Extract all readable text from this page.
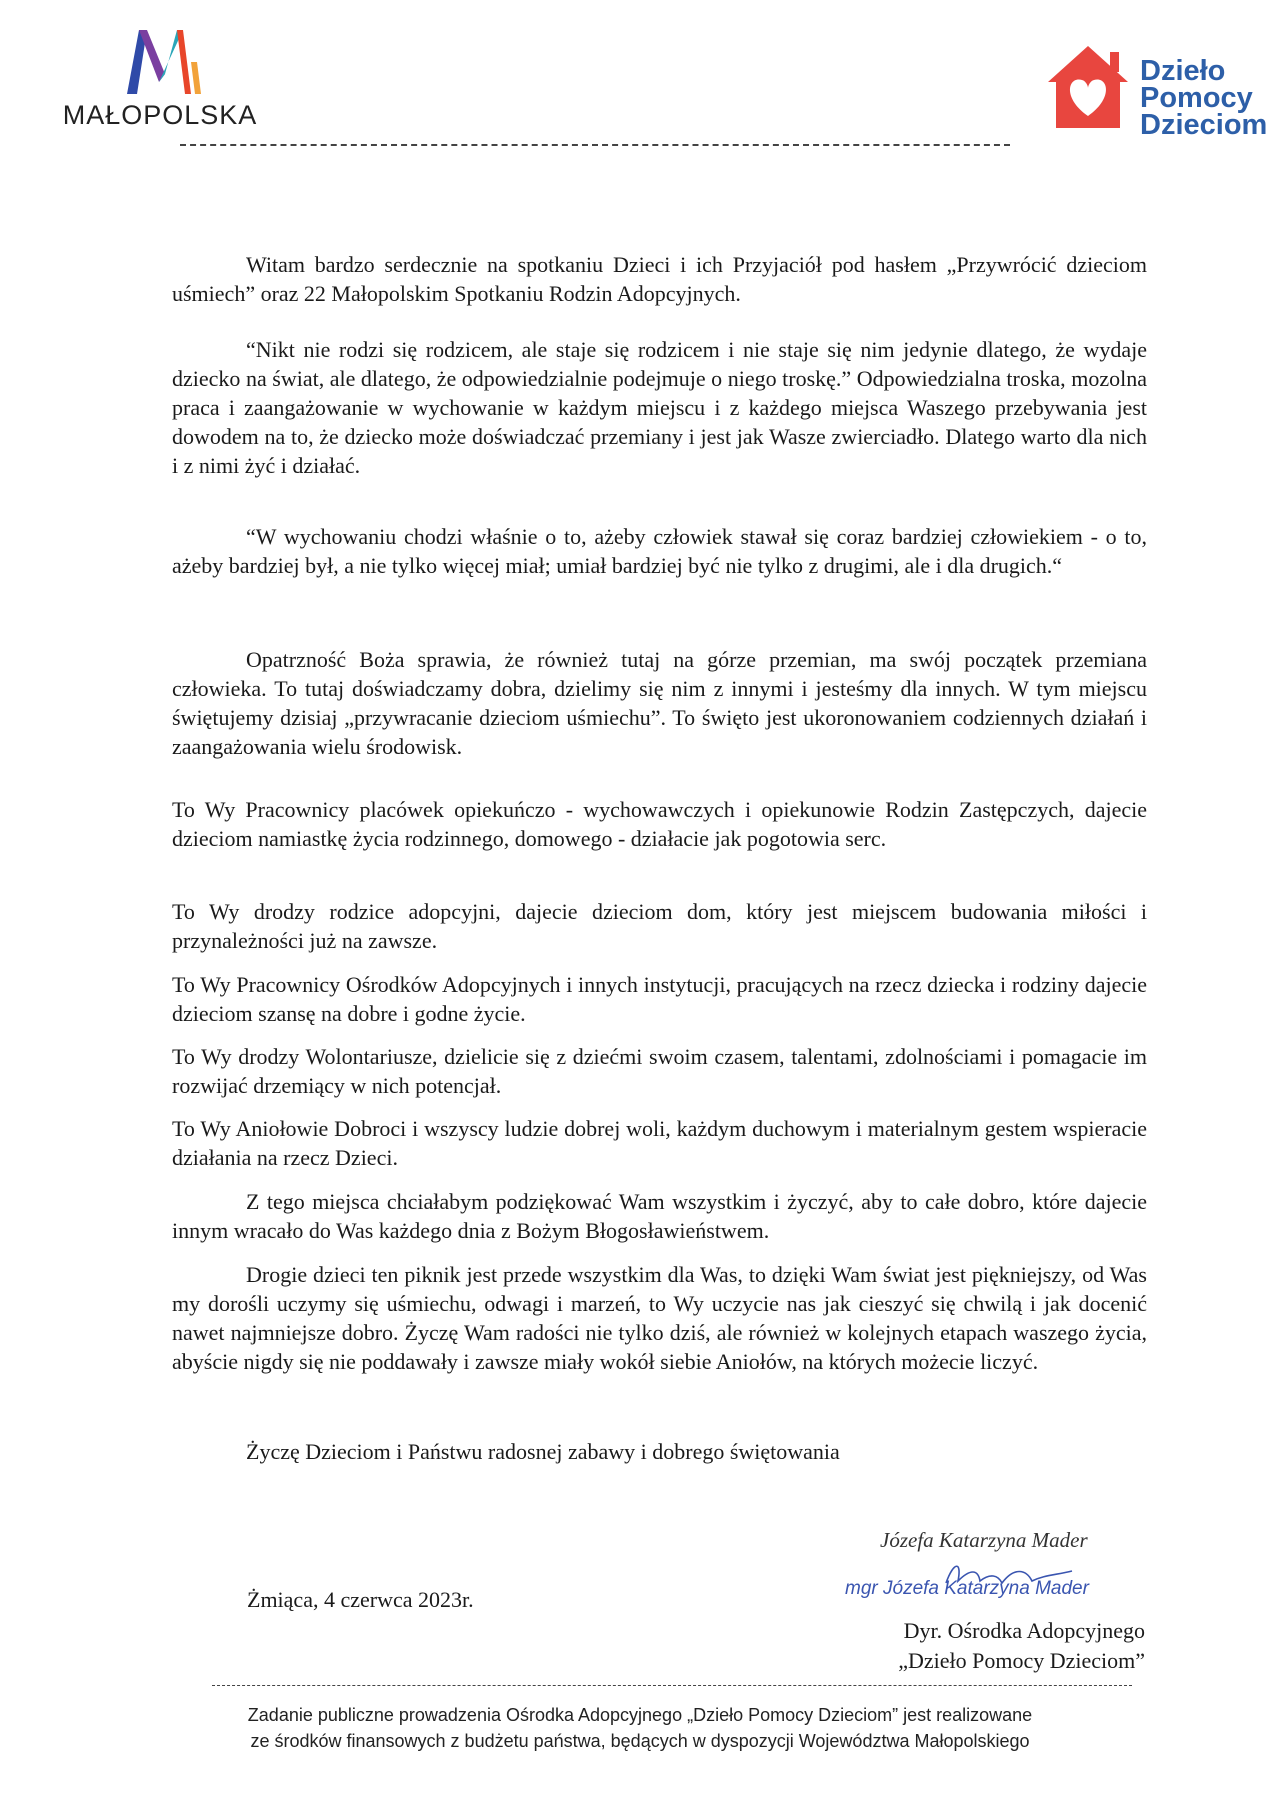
MAŁOPOLSKA
Dzieło
Pomocy
Dzieciom

Witam bardzo serdecznie na spotkaniu Dzieci i ich Przyjaciół pod hasłem „Przywrócić dzieciom uśmiech” oraz 22 Małopolskim Spotkaniu Rodzin Adopcyjnych.

“Nikt nie rodzi się rodzicem, ale staje się rodzicem i nie staje się nim jedynie dlatego, że wydaje dziecko na świat, ale dlatego, że odpowiedzialnie podejmuje o niego troskę.” Odpowiedzialna troska, mozolna praca i zaangażowanie w wychowanie w każdym miejscu i z każdego miejsca Waszego przebywania jest dowodem na to, że dziecko może doświadczać przemiany i jest jak Wasze zwierciadło. Dlatego warto dla nich i z nimi żyć i działać.

“W wychowaniu chodzi właśnie o to, ażeby człowiek stawał się coraz bardziej człowiekiem - o to, ażeby bardziej był, a nie tylko więcej miał; umiał bardziej być nie tylko z drugimi, ale i dla drugich.“

Opatrzność Boża sprawia, że również tutaj na górze przemian, ma swój początek przemiana człowieka. To tutaj doświadczamy dobra, dzielimy się nim z innymi i jesteśmy dla innych. W tym miejscu świętujemy dzisiaj „przywracanie dzieciom uśmiechu”. To święto jest ukoronowaniem codziennych działań i zaangażowania wielu środowisk.

To Wy Pracownicy placówek opiekuńczo - wychowawczych i opiekunowie Rodzin Zastępczych, dajecie dzieciom namiastkę życia rodzinnego, domowego - działacie jak pogotowia serc.

To Wy drodzy rodzice adopcyjni, dajecie dzieciom dom, który jest miejscem budowania miłości i przynależności już na zawsze.

To Wy Pracownicy Ośrodków Adopcyjnych i innych instytucji, pracujących na rzecz dziecka i rodziny dajecie dzieciom szansę na dobre i godne życie.

To Wy drodzy Wolontariusze, dzielicie się z dziećmi swoim czasem, talentami, zdolnościami i pomagacie im rozwijać drzemiący w nich potencjał.

To Wy Aniołowie Dobroci i wszyscy ludzie dobrej woli, każdym duchowym i materialnym gestem wspieracie działania na rzecz Dzieci.

Z tego miejsca chciałabym podziękować Wam wszystkim i życzyć, aby to całe dobro, które dajecie innym wracało do Was każdego dnia z Bożym Błogosławieństwem.

Drogie dzieci ten piknik jest przede wszystkim dla Was, to dzięki Wam świat jest piękniejszy, od Was my dorośli uczymy się uśmiechu, odwagi i marzeń, to Wy uczycie nas jak cieszyć się chwilą i jak docenić nawet najmniejsze dobro. Życzę Wam radości nie tylko dziś, ale również w kolejnych etapach waszego życia, abyście nigdy się nie poddawały i zawsze miały wokół siebie Aniołów, na których możecie liczyć.

Życzę Dzieciom i Państwu radosnej zabawy i dobrego świętowania

Żmiąca, 4 czerwca 2023r.
Józefa Katarzyna Mader
mgr Józefa Katarzyna Mader
Dyr. Ośrodka Adopcyjnego
„Dzieło Pomocy Dzieciom”
Zadanie publiczne prowadzenia Ośrodka Adopcyjnego „Dzieło Pomocy Dzieciom” jest realizowane
ze środków finansowych z budżetu państwa, będących w dyspozycji Województwa Małopolskiego
